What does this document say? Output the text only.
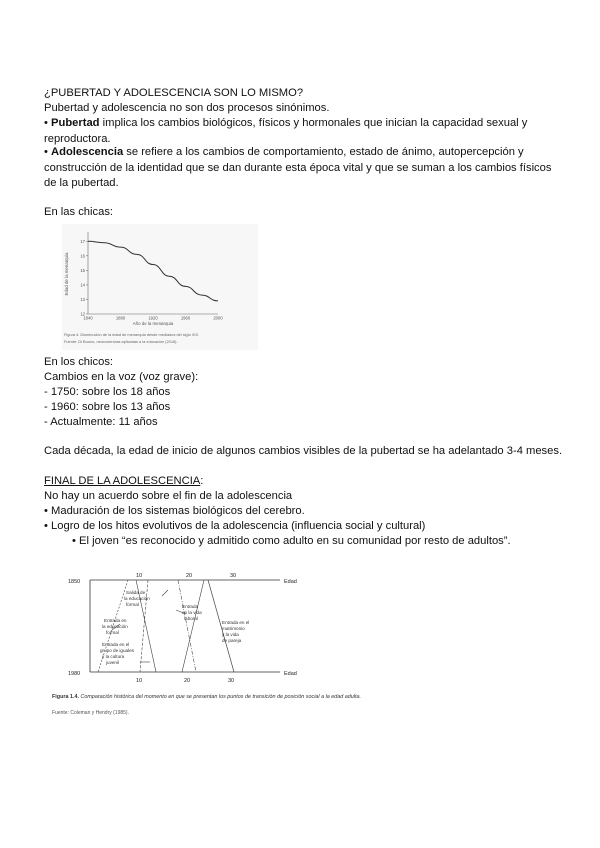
¿PUBERTAD Y ADOLESCENCIA SON LO MISMO?
Pubertad y adolescencia no son dos procesos sinónimos.
• Pubertad implica los cambios biológicos, físicos y hormonales que inician la capacidad sexual y reproductora.
• Adolescencia se refiere a los cambios de comportamiento, estado de ánimo, autopercepción y construcción de la identidad que se dan durante esta época vital y que se suman a los cambios físicos de la pubertad.
En las chicas:
12
13
14
15
16
17
1840	1880	1920	1960	2000
Edad de la menarquia
Año de la menarquia
Figura 4. Disminución de la edad de menarquia desde mediados del siglo XIX.
Fuente: Di Buono, neurociencias aplicadas a la educación (2018).
En los chicos:
Cambios en la voz (voz grave):
- 1750: sobre los 18 años
- 1960: sobre los 13 años
- Actualmente: 11 años
Cada década, la edad de inicio de algunos cambios visibles de la pubertad se ha adelantado 3-4 meses.
FINAL DE LA ADOLESCENCIA:
No hay un acuerdo sobre el fin de la adolescencia
• Maduración de los sistemas biológicos del cerebro.
• Logro de los hitos evolutivos de la adolescencia (influencia social y cultural)
• El joven “es reconocido y admitido como adulto en su comunidad por resto de adultos”.
1850
1980
10	20	30
Edad
10	20	30
Edad
Salida de
la educación
formal
Entrada en
la educación
formal
Entrada en el
grupo de iguales
y la cultura
juvenil
Entrada
en la vida
laboral
Entrada en el
matrimonio
y la vida
de pareja
Figura 1.4. Comparación histórica del momento en que se presentan los puntos de transición de posición social a la edad adulta.
Fuente: Coleman y Hendry (1985).
